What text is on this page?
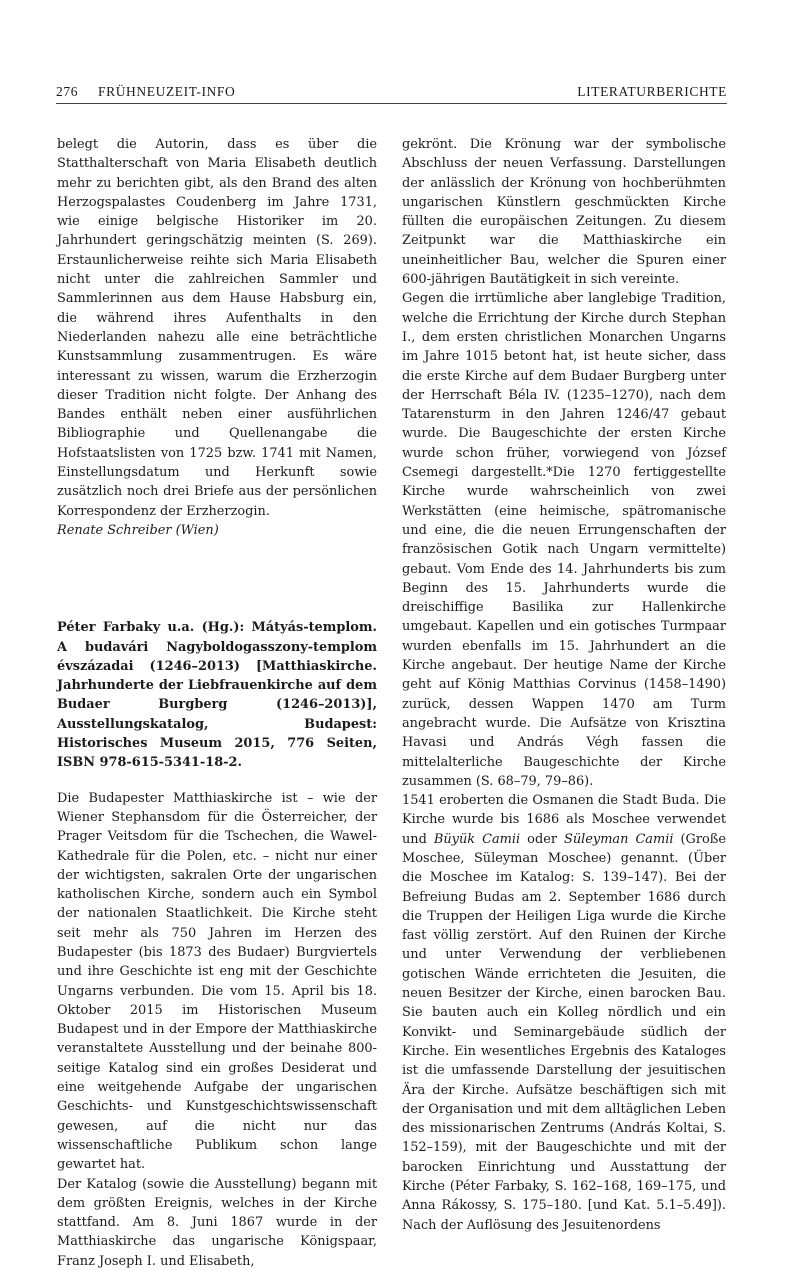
276 FRÜHNEUZEIT-INFO	LITERATURBERICHTE

belegt die Autorin, dass es über die Statthalterschaft von Maria Elisabeth deutlich mehr zu berichten gibt, als den Brand des alten Herzogspalastes Coudenberg im Jahre 1731, wie einige belgische Historiker im 20. Jahrhundert geringschätzig meinten (S. 269). Erstaunlicherweise reihte sich Maria Elisabeth nicht unter die zahlreichen Sammler und Sammlerinnen aus dem Hause Habsburg ein, die während ihres Aufenthalts in den Niederlanden nahezu alle eine beträchtliche Kunstsammlung zusammentrugen. Es wäre interessant zu wissen, warum die Erzherzogin dieser Tradition nicht folgte. Der Anhang des Bandes enthält neben einer ausführlichen Bibliographie und Quellenangabe die Hofstaatslisten von 1725 bzw. 1741 mit Namen, Einstellungsdatum und Herkunft sowie zusätzlich noch drei Briefe aus der persönlichen Korrespondenz der Erzherzogin.

Renate Schreiber (Wien)

Péter Farbaky u.a. (Hg.): Mátyás-templom. A budavári Nagyboldogasszony-templom évszázadai (1246–2013) [Matthiaskirche. Jahrhunderte der Liebfrauenkirche auf dem Budaer Burgberg (1246–2013)], Ausstellungskatalog, Budapest: Historisches Museum 2015, 776 Seiten, ISBN 978-615-5341-18-2.

Die Budapester Matthiaskirche ist – wie der Wiener Stephansdom für die Österreicher, der Prager Veitsdom für die Tschechen, die Wawel-Kathedrale für die Polen, etc. – nicht nur einer der wichtigsten, sakralen Orte der ungarischen katholischen Kirche, sondern auch ein Symbol der nationalen Staatlichkeit. Die Kirche steht seit mehr als 750 Jahren im Herzen des Budapester (bis 1873 des Budaer) Burgviertels und ihre Geschichte ist eng mit der Geschichte Ungarns verbunden. Die vom 15. April bis 18. Oktober 2015 im Historischen Museum Budapest und in der Empore der Matthiaskirche veranstaltete Ausstellung und der beinahe 800-seitige Katalog sind ein großes Desiderat und eine weitgehende Aufgabe der ungarischen Geschichts- und Kunstgeschichtswissenschaft gewesen, auf die nicht nur das wissenschaftliche Publikum schon lange gewartet hat.

Der Katalog (sowie die Ausstellung) begann mit dem größten Ereignis, welches in der Kirche stattfand. Am 8. Juni 1867 wurde in der Matthiaskirche das ungarische Königspaar, Franz Joseph I. und Elisabeth,

gekrönt. Die Krönung war der symbolische Abschluss der neuen Verfassung. Darstellungen der anlässlich der Krönung von hochberühmten ungarischen Künstlern geschmückten Kirche füllten die europäischen Zeitungen. Zu diesem Zeitpunkt war die Matthiaskirche ein uneinheitlicher Bau, welcher die Spuren einer 600-jährigen Bautätigkeit in sich vereinte.

Gegen die irrtümliche aber langlebige Tradition, welche die Errichtung der Kirche durch Stephan I., dem ersten christlichen Monarchen Ungarns im Jahre 1015 betont hat, ist heute sicher, dass die erste Kirche auf dem Budaer Burgberg unter der Herrschaft Béla IV. (1235–1270), nach dem Tatarensturm in den Jahren 1246/47 gebaut wurde. Die Baugeschichte der ersten Kirche wurde schon früher, vorwiegend von József Csemegi dargestellt.*Die 1270 fertiggestellte Kirche wurde wahrscheinlich von zwei Werkstätten (eine heimische, spätromanische und eine, die die neuen Errungenschaften der französischen Gotik nach Ungarn vermittelte) gebaut. Vom Ende des 14. Jahrhunderts bis zum Beginn des 15. Jahrhunderts wurde die dreischiffige Basilika zur Hallenkirche umgebaut. Kapellen und ein gotisches Turmpaar wurden ebenfalls im 15. Jahrhundert an die Kirche angebaut. Der heutige Name der Kirche geht auf König Matthias Corvinus (1458–1490) zurück, dessen Wappen 1470 am Turm angebracht wurde. Die Aufsätze von Krisztina Havasi und András Végh fassen die mittelalterliche Baugeschichte der Kirche zusammen (S. 68–79, 79–86).

1541 eroberten die Osmanen die Stadt Buda. Die Kirche wurde bis 1686 als Moschee verwendet und Büyük Camii oder Süleyman Camii (Große Moschee, Süleyman Moschee) genannt. (Über die Moschee im Katalog: S. 139–147). Bei der Befreiung Budas am 2. September 1686 durch die Truppen der Heiligen Liga wurde die Kirche fast völlig zerstört. Auf den Ruinen der Kirche und unter Verwendung der verbliebenen gotischen Wände errichteten die Jesuiten, die neuen Besitzer der Kirche, einen barocken Bau. Sie bauten auch ein Kolleg nördlich und ein Konvikt- und Seminargebäude südlich der Kirche. Ein wesentliches Ergebnis des Kataloges ist die umfassende Darstellung der jesuitischen Ära der Kirche. Aufsätze beschäftigen sich mit der Organisation und mit dem alltäglichen Leben des missionarischen Zentrums (András Koltai, S. 152–159), mit der Baugeschichte und mit der barocken Einrichtung und Ausstattung der Kirche (Péter Farbaky, S. 162–168, 169–175, und Anna Rákossy, S. 175–180. [und Kat. 5.1–5.49]). Nach der Auflösung des Jesuitenordens
